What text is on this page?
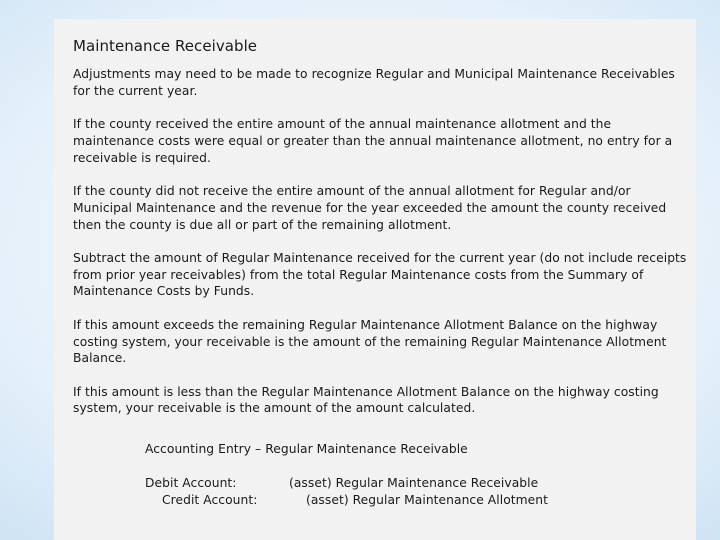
Maintenance Receivable

Adjustments may need to be made to recognize Regular and Municipal Maintenance Receivables for the current year.

If the county received the entire amount of the annual maintenance allotment and the maintenance costs were equal or greater than the annual maintenance allotment, no entry for a receivable is required.

If the county did not receive the entire amount of the annual allotment for Regular and/or Municipal Maintenance and the revenue for the year exceeded the amount the county received then the county is due all or part of the remaining allotment.

Subtract the amount of Regular Maintenance received for the current year (do not include receipts from prior year receivables) from the total Regular Maintenance costs from the Summary of Maintenance Costs by Funds.

If this amount exceeds the remaining Regular Maintenance Allotment Balance on the highway costing system, your receivable is the amount of the remaining Regular Maintenance Allotment Balance.

If this amount is less than the Regular Maintenance Allotment Balance on the highway costing system, your receivable is the amount of the amount calculated.

Accounting Entry – Regular Maintenance Receivable
Debit Account:	(asset) Regular Maintenance Receivable
Credit Account:	(asset) Regular Maintenance Allotment
